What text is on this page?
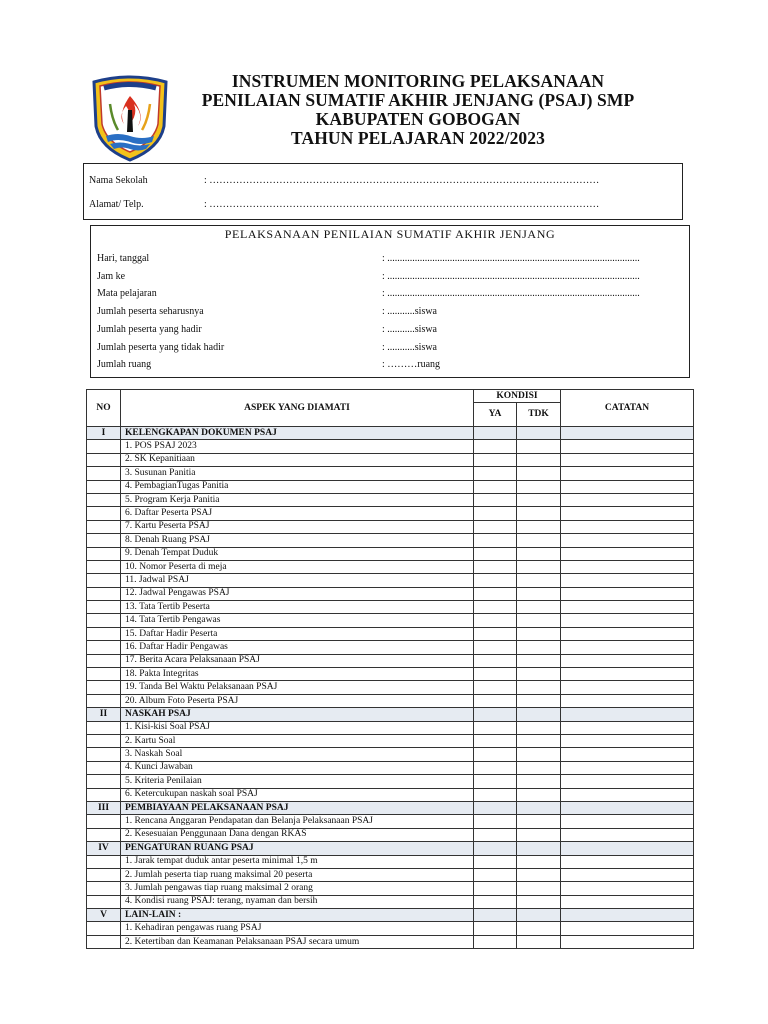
INSTRUMEN MONITORING PELAKSANAAN
PENILAIAN SUMATIF AKHIR JENJANG (PSAJ) SMP
KABUPATEN GOBOGAN
TAHUN PELAJARAN 2022/2023
Nama Sekolah	: ………………………………………………………………………………………………………
Alamat/ Telp.	: ………………………………………………………………………………………………………
PELAKSANAAN PENILAIAN SUMATIF AKHIR JENJANG
Hari, tanggal	: .....................................................................................................
Jam ke	: .....................................................................................................
Mata pelajaran	: .....................................................................................................
Jumlah peserta seharusnya	: ...........siswa
Jumlah peserta yang hadir	: ...........siswa
Jumlah peserta yang tidak hadir	: ...........siswa
Jumlah ruang	: ………ruang
NO	ASPEK YANG DIAMATI	KONDISI		CATATAN
		YA	TDK	
I	KELENGKAPAN DOKUMEN PSAJ			
	1. POS PSAJ 2023			
	2. SK Kepanitiaan			
	3. Susunan Panitia			
	4. PembagianTugas Panitia			
	5. Program Kerja Panitia			
	6. Daftar Peserta PSAJ			
	7. Kartu Peserta PSAJ			
	8. Denah Ruang PSAJ			
	9. Denah Tempat Duduk			
	10. Nomor Peserta di meja			
	11. Jadwal PSAJ			
	12. Jadwal Pengawas PSAJ			
	13. Tata Tertib Peserta			
	14. Tata Tertib Pengawas			
	15. Daftar Hadir Peserta			
	16. Daftar Hadir Pengawas			
	17. Berita Acara Pelaksanaan PSAJ			
	18. Pakta Integritas			
	19. Tanda Bel Waktu Pelaksanaan PSAJ			
	20. Album Foto Peserta PSAJ			
II	NASKAH PSAJ			
	1. Kisi-kisi Soal PSAJ			
	2. Kartu Soal			
	3. Naskah Soal			
	4. Kunci Jawaban			
	5. Kriteria Penilaian			
	6. Ketercukupan naskah soal PSAJ			
III	PEMBIAYAAN PELAKSANAAN PSAJ			
	1. Rencana Anggaran Pendapatan dan Belanja Pelaksanaan PSAJ			
	2. Kesesuaian Penggunaan Dana dengan RKAS			
IV	PENGATURAN RUANG PSAJ			
	1. Jarak tempat duduk antar peserta minimal 1,5 m			
	2. Jumlah peserta tiap ruang maksimal 20 peserta			
	3. Jumlah pengawas tiap ruang maksimal 2 orang			
	4. Kondisi ruang PSAJ: terang, nyaman dan bersih			
V	LAIN-LAIN :			
	1. Kehadiran pengawas ruang PSAJ			
	2. Ketertiban dan Keamanan Pelaksanaan PSAJ secara umum			
